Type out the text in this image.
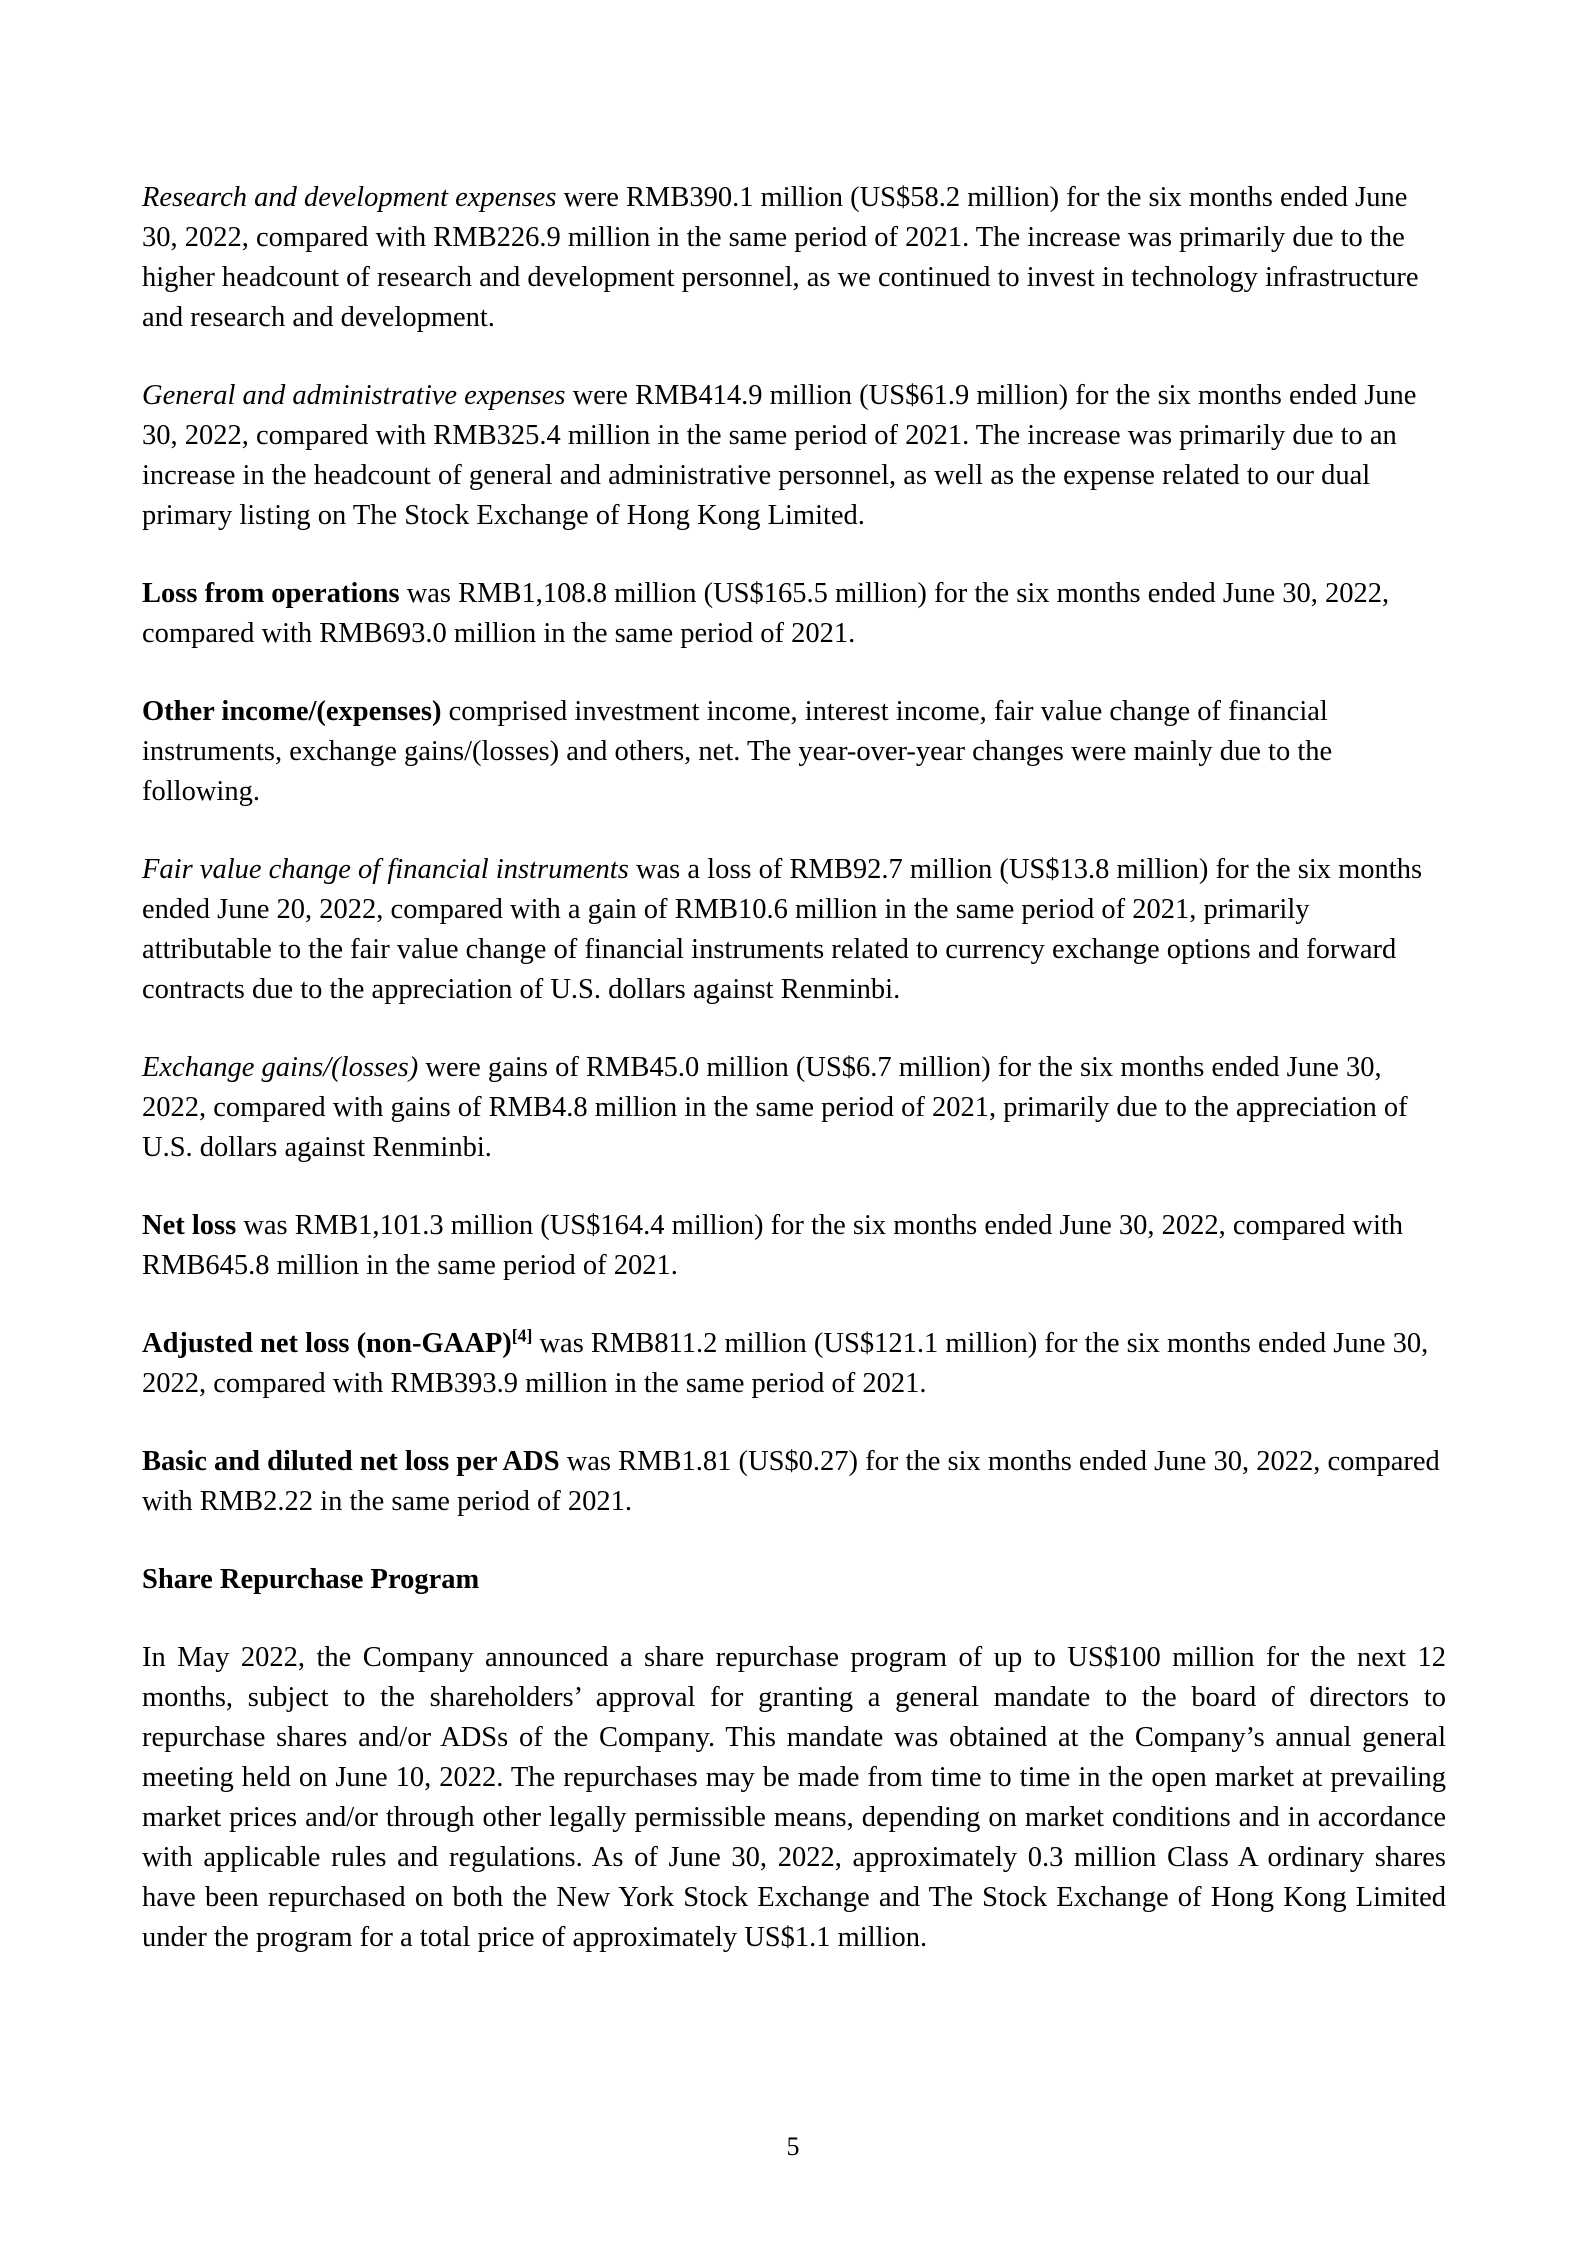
Research and development expenses were RMB390.1 million (US$58.2 million) for the six months ended June 30, 2022, compared with RMB226.9 million in the same period of 2021. The increase was primarily due to the higher headcount of research and development personnel, as we continued to invest in technology infrastructure and research and development.

General and administrative expenses were RMB414.9 million (US$61.9 million) for the six months ended June 30, 2022, compared with RMB325.4 million in the same period of 2021. The increase was primarily due to an increase in the headcount of general and administrative personnel, as well as the expense related to our dual primary listing on The Stock Exchange of Hong Kong Limited.

Loss from operations was RMB1,108.8 million (US$165.5 million) for the six months ended June 30, 2022, compared with RMB693.0 million in the same period of 2021.

Other income/(expenses) comprised investment income, interest income, fair value change of financial instruments, exchange gains/(losses) and others, net. The year-over-year changes were mainly due to the following.

Fair value change of financial instruments was a loss of RMB92.7 million (US$13.8 million) for the six months ended June 20, 2022, compared with a gain of RMB10.6 million in the same period of 2021, primarily attributable to the fair value change of financial instruments related to currency exchange options and forward contracts due to the appreciation of U.S. dollars against Renminbi.

Exchange gains/(losses) were gains of RMB45.0 million (US$6.7 million) for the six months ended June 30, 2022, compared with gains of RMB4.8 million in the same period of 2021, primarily due to the appreciation of U.S. dollars against Renminbi.

Net loss was RMB1,101.3 million (US$164.4 million) for the six months ended June 30, 2022, compared with RMB645.8 million in the same period of 2021.

Adjusted net loss (non-GAAP)[4] was RMB811.2 million (US$121.1 million) for the six months ended June 30, 2022, compared with RMB393.9 million in the same period of 2021.

Basic and diluted net loss per ADS was RMB1.81 (US$0.27) for the six months ended June 30, 2022, compared with RMB2.22 in the same period of 2021.

Share Repurchase Program

In May 2022, the Company announced a share repurchase program of up to US$100 million for the next 12 months, subject to the shareholders’ approval for granting a general mandate to the board of directors to repurchase shares and/or ADSs of the Company. This mandate was obtained at the Company’s annual general meeting held on June 10, 2022. The repurchases may be made from time to time in the open market at prevailing market prices and/or through other legally permissible means, depending on market conditions and in accordance with applicable rules and regulations. As of June 30, 2022, approximately 0.3 million Class A ordinary shares have been repurchased on both the New York Stock Exchange and The Stock Exchange of Hong Kong Limited under the program for a total price of approximately US$1.1 million.

5
